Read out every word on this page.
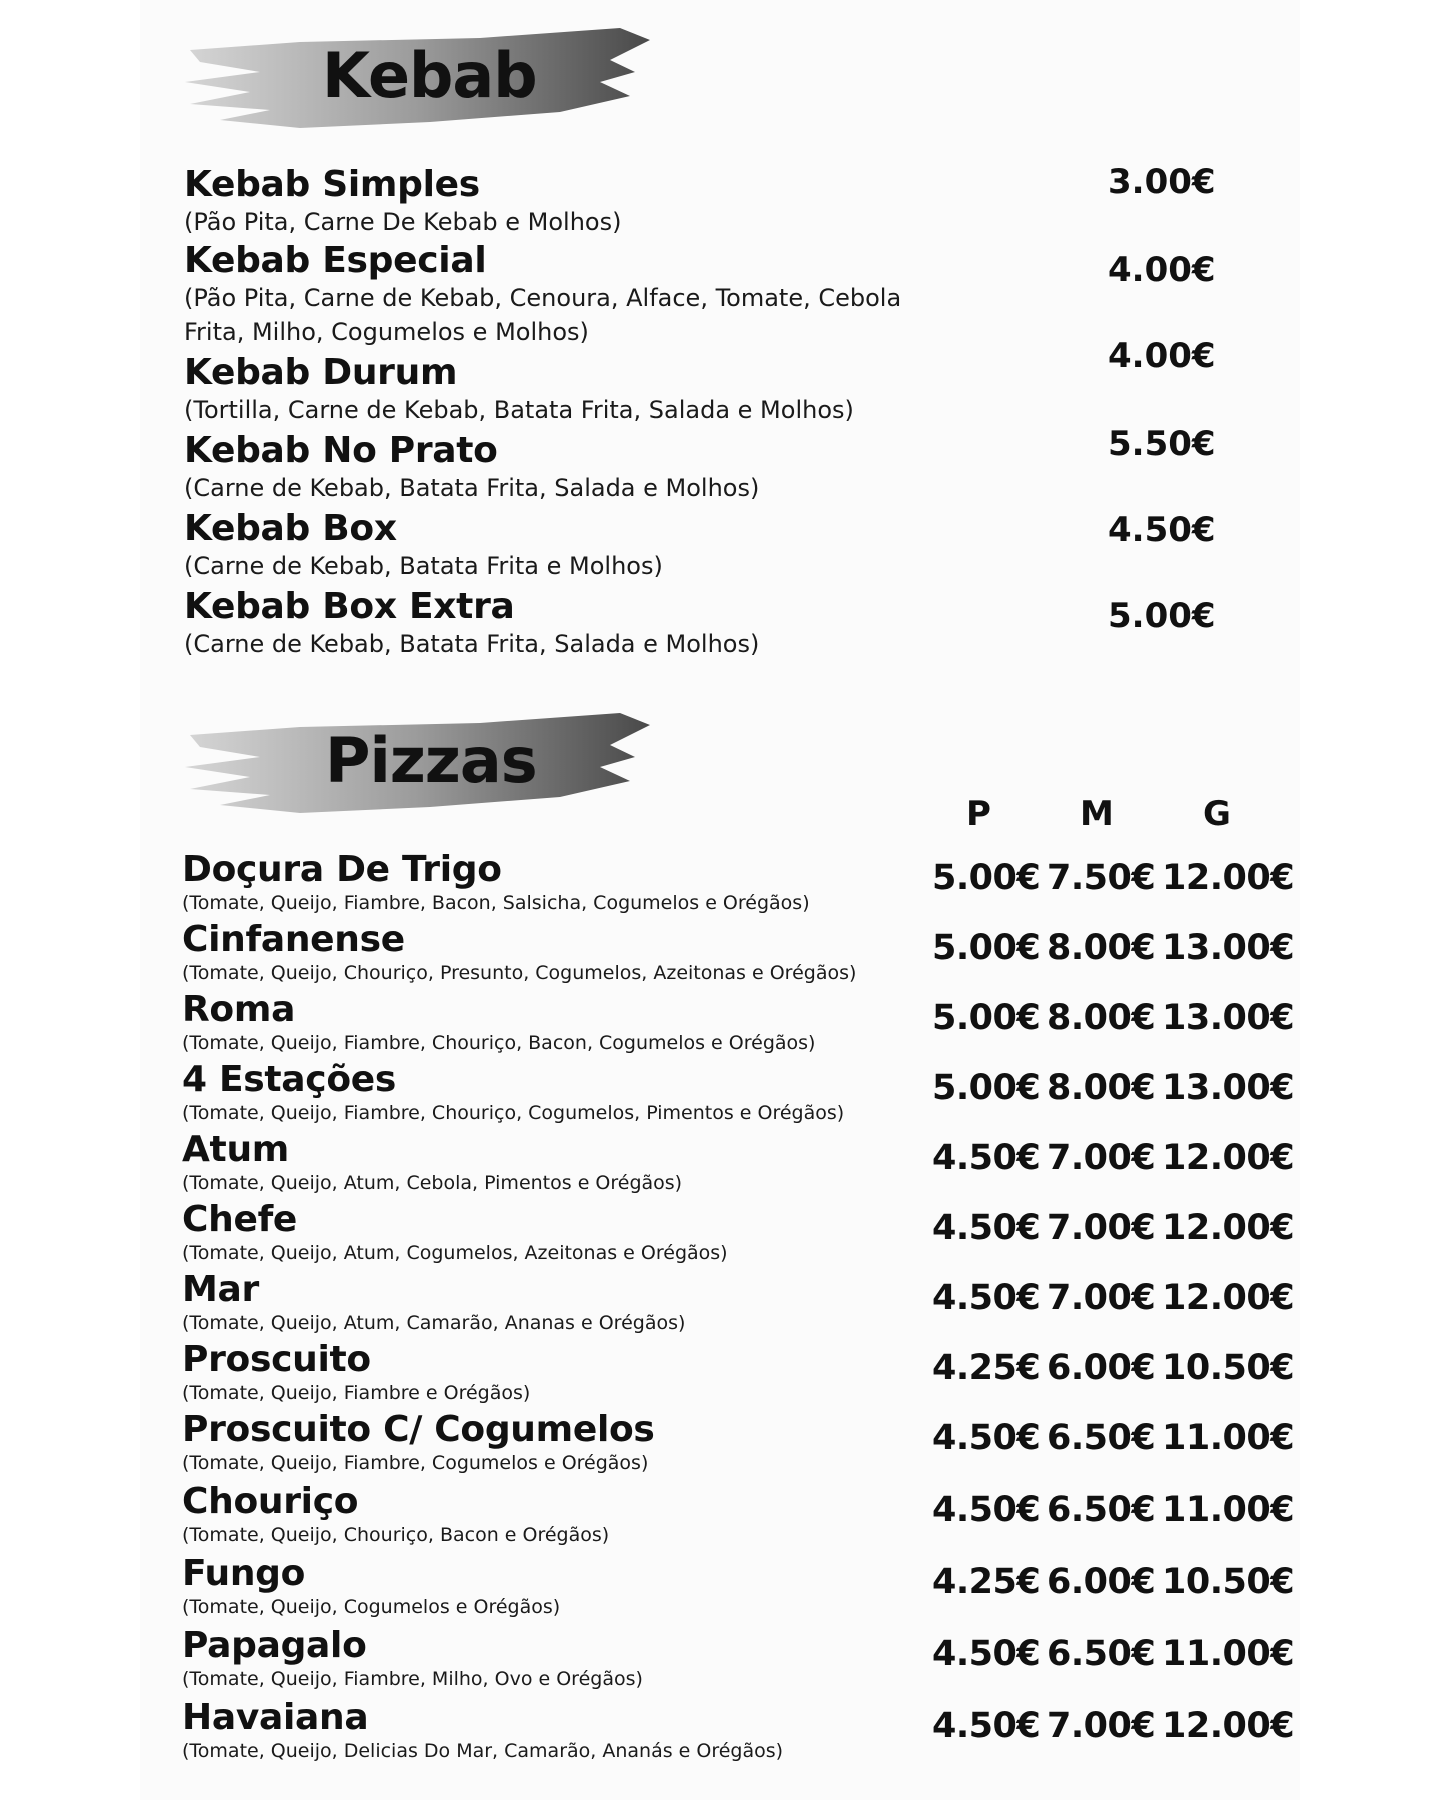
Kebab
Kebab Simples
(Pão Pita, Carne De Kebab e Molhos)
Kebab Especial
(Pão Pita, Carne de Kebab, Cenoura, Alface, Tomate, Cebola Frita, Milho, Cogumelos e Molhos)
Kebab Durum
(Tortilla, Carne de Kebab, Batata Frita, Salada e Molhos)
Kebab No Prato
(Carne de Kebab, Batata Frita, Salada e Molhos)
Kebab Box
(Carne de Kebab, Batata Frita e Molhos)
Kebab Box Extra
(Carne de Kebab, Batata Frita, Salada e Molhos)
3.00€
4.00€
4.00€
5.50€
4.50€
5.00€
Pizzas
P	M	G
Doçura De Trigo
(Tomate, Queijo, Fiambre, Bacon, Salsicha, Cogumelos e Orégãos)
5.00€ 7.50€ 12.00€
Cinfanense
(Tomate, Queijo, Chouriço, Presunto, Cogumelos, Azeitonas e Orégãos)
5.00€ 8.00€ 13.00€
Roma
(Tomate, Queijo, Fiambre, Chouriço, Bacon, Cogumelos e Orégãos)
5.00€ 8.00€ 13.00€
4 Estações
(Tomate, Queijo, Fiambre, Chouriço, Cogumelos, Pimentos e Orégãos)
5.00€ 8.00€ 13.00€
Atum
(Tomate, Queijo, Atum, Cebola, Pimentos e Orégãos)
4.50€ 7.00€ 12.00€
Chefe
(Tomate, Queijo, Atum, Cogumelos, Azeitonas e Orégãos)
4.50€ 7.00€ 12.00€
Mar
(Tomate, Queijo, Atum, Camarão, Ananas e Orégãos)
4.50€ 7.00€ 12.00€
Proscuito
(Tomate, Queijo, Fiambre e Orégãos)
4.25€ 6.00€ 10.50€
Proscuito C/ Cogumelos
(Tomate, Queijo, Fiambre, Cogumelos e Orégãos)
4.50€ 6.50€ 11.00€
Chouriço
(Tomate, Queijo, Chouriço, Bacon e Orégãos)
4.50€ 6.50€ 11.00€
Fungo
(Tomate, Queijo, Cogumelos e Orégãos)
4.25€ 6.00€ 10.50€
Papagalo
(Tomate, Queijo, Fiambre, Milho, Ovo e Orégãos)
4.50€ 6.50€ 11.00€
Havaiana
(Tomate, Queijo, Delicias Do Mar, Camarão, Ananás e Orégãos)
4.50€ 7.00€ 12.00€
